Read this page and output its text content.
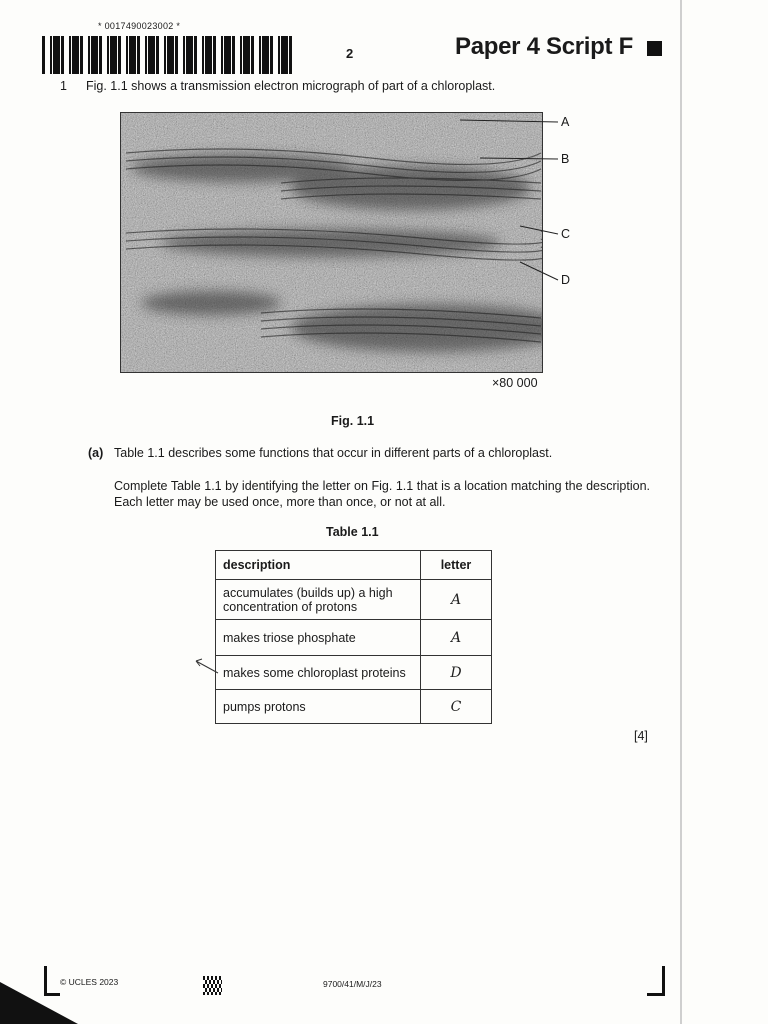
* 0017490023002 *
2	Paper 4 Script F
1 Fig. 1.1 shows a transmission electron micrograph of part of a chloroplast.
A
B
C
D
×80 000
Fig. 1.1
(a) Table 1.1 describes some functions that occur in different parts of a chloroplast.
Complete Table 1.1 by identifying the letter on Fig. 1.1 that is a location matching the description. Each letter may be used once, more than once, or not at all.
Table 1.1
description	letter
accumulates (builds up) a high concentration of protons	A

makes triose phosphate	A

makes some chloroplast proteins	D

pumps protons	C
[4]
© UCLES 2023	9700/41/M/J/23
